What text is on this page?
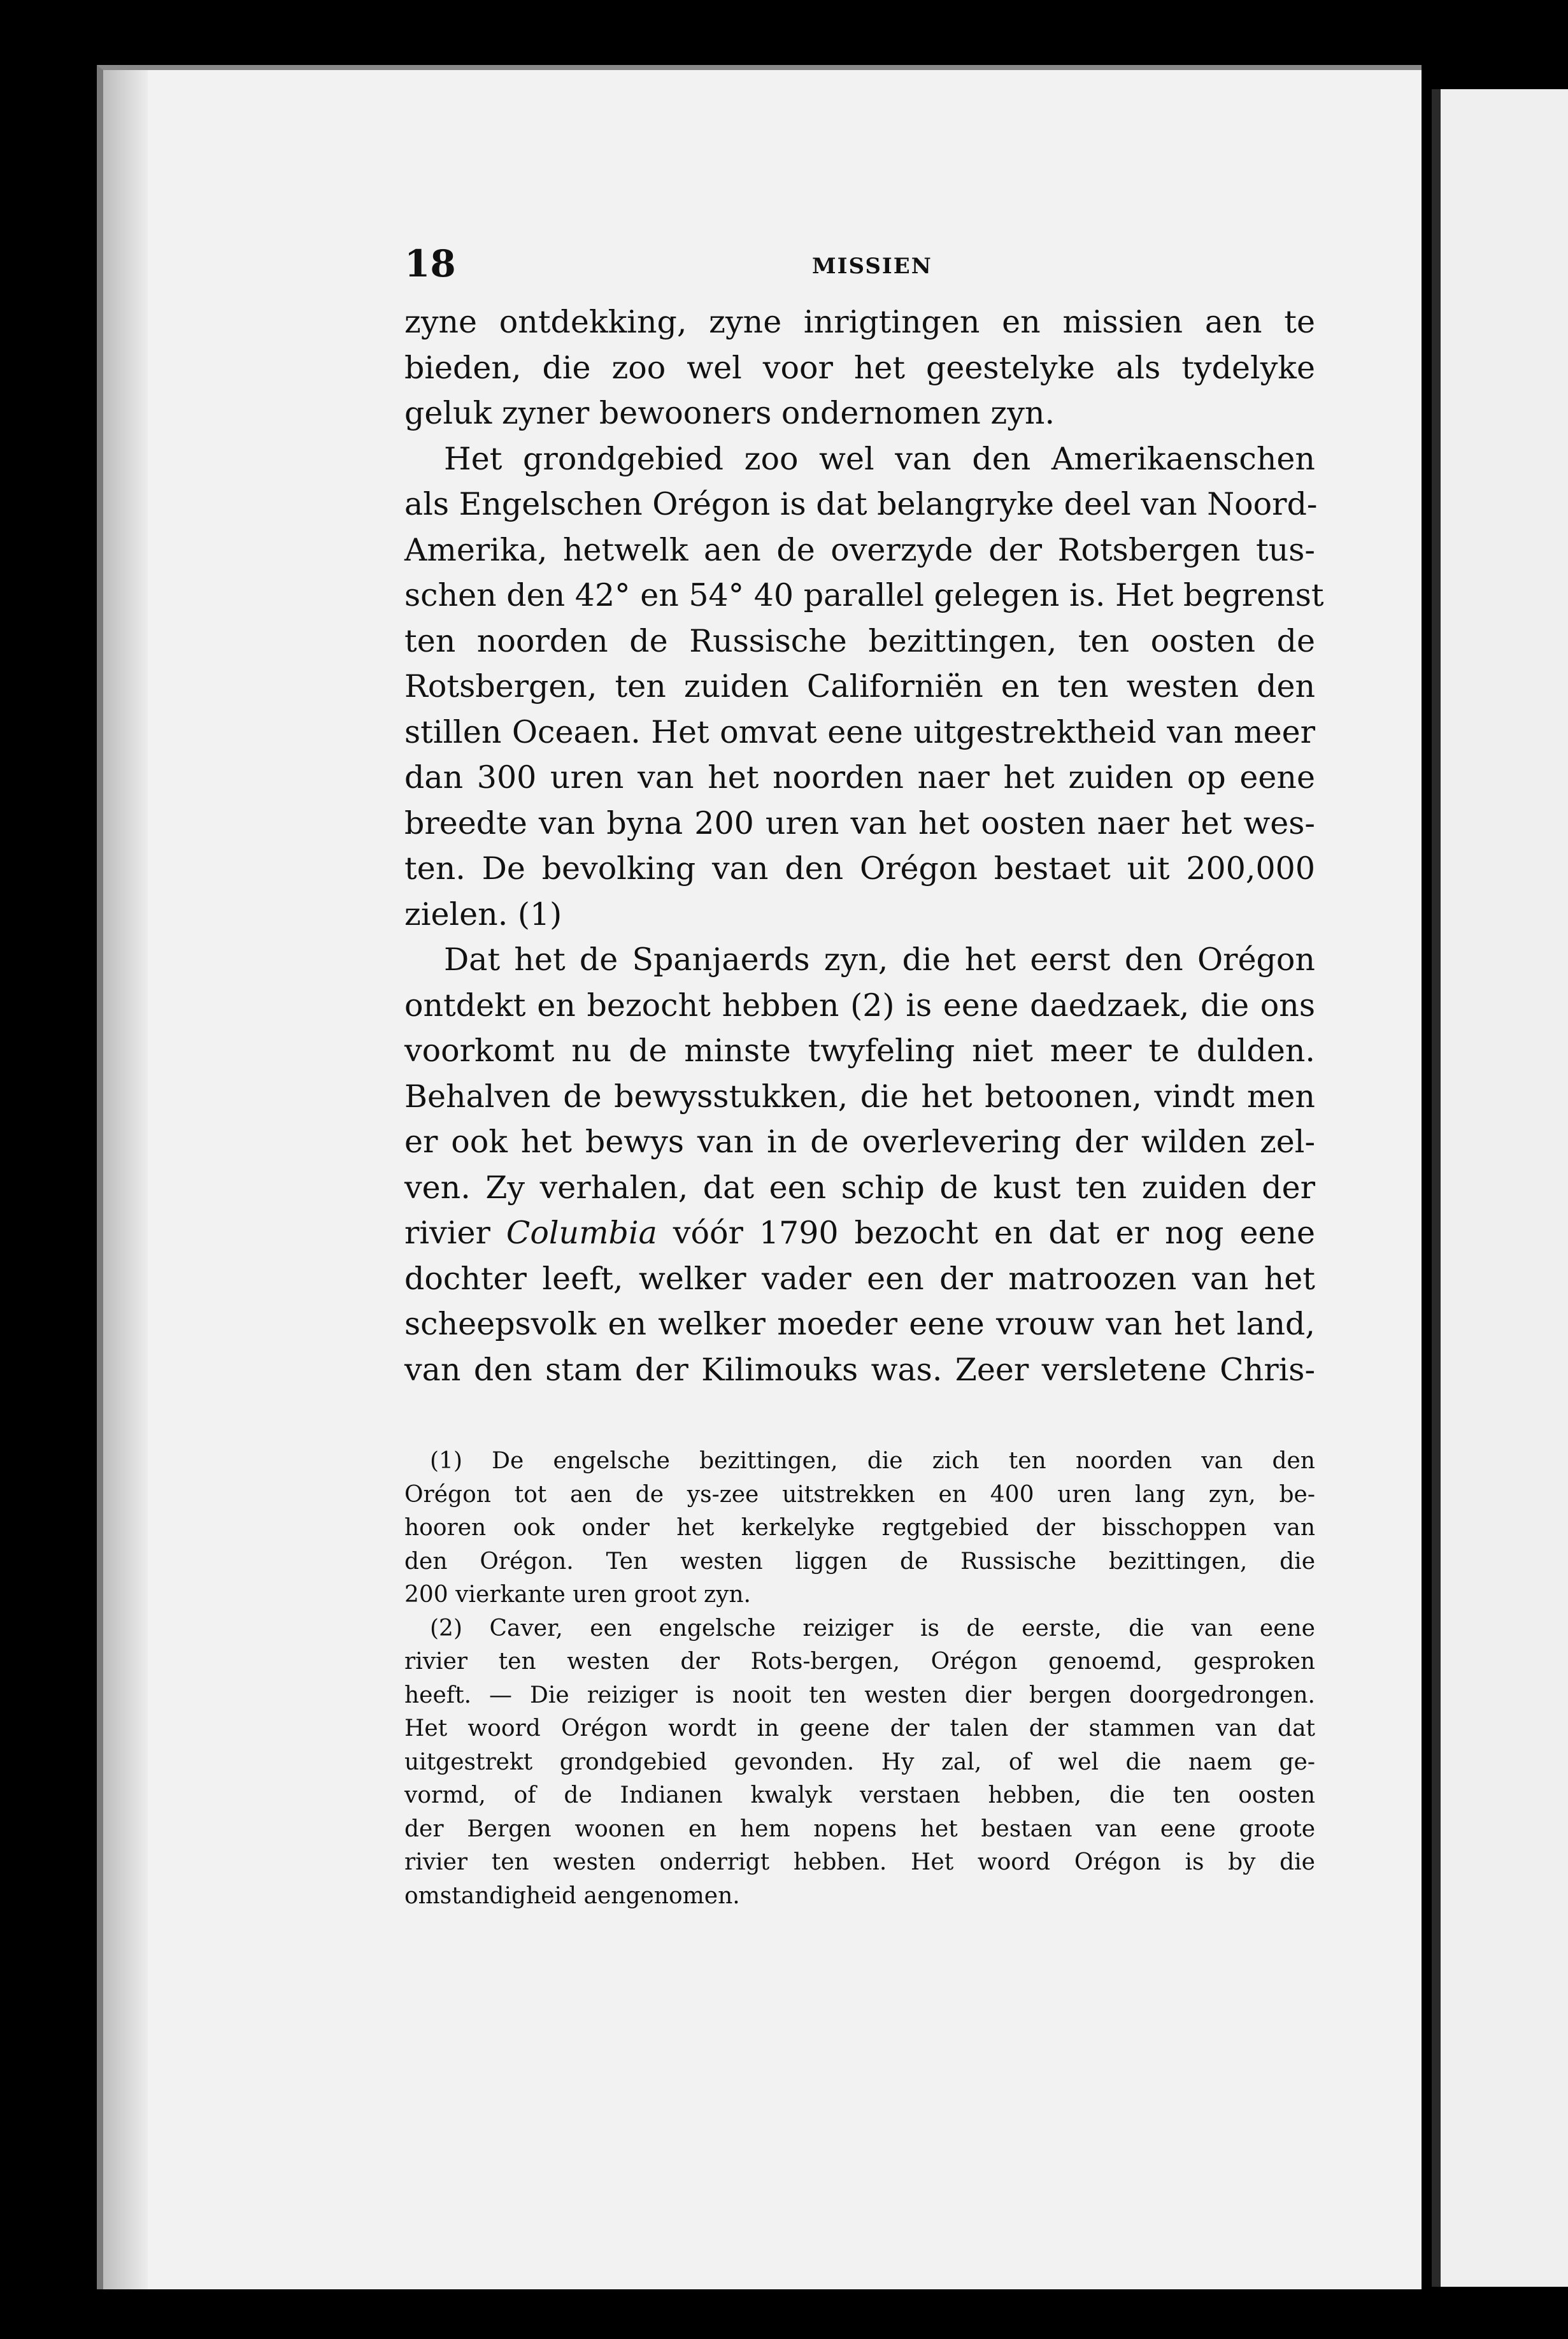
18	MISSIEN
zyne ontdekking, zyne inrigtingen en missien aen te
bieden, die zoo wel voor het geestelyke als tydelyke
geluk zyner bewooners ondernomen zyn.
Het grondgebied zoo wel van den Amerikaenschen
als Engelschen Orégon is dat belangryke deel van Noord-
Amerika, hetwelk aen de overzyde der Rotsbergen tus-
schen den 42° en 54° 40 parallel gelegen is. Het begrenst
ten noorden de Russische bezittingen, ten oosten de
Rotsbergen, ten zuiden Californiën en ten westen den
stillen Oceaen. Het omvat eene uitgestrektheid van meer
dan 300 uren van het noorden naer het zuiden op eene
breedte van byna 200 uren van het oosten naer het wes-
ten. De bevolking van den Orégon bestaet uit 200,000
zielen. (1)
Dat het de Spanjaerds zyn, die het eerst den Orégon
ontdekt en bezocht hebben (2) is eene daedzaek, die ons
voorkomt nu de minste twyfeling niet meer te dulden.
Behalven de bewysstukken, die het betoonen, vindt men
er ook het bewys van in de overlevering der wilden zel-
ven. Zy verhalen, dat een schip de kust ten zuiden der
rivier Columbia vóór 1790 bezocht en dat er nog eene
dochter leeft, welker vader een der matroozen van het
scheepsvolk en welker moeder eene vrouw van het land,
van den stam der Kilimouks was. Zeer versletene Chris-
(1) De engelsche bezittingen, die zich ten noorden van den
Orégon tot aen de ys-zee uitstrekken en 400 uren lang zyn, be-
hooren ook onder het kerkelyke regtgebied der bisschoppen van
den Orégon. Ten westen liggen de Russische bezittingen, die
200 vierkante uren groot zyn.
(2) Caver, een engelsche reiziger is de eerste, die van eene
rivier ten westen der Rots-bergen, Orégon genoemd, gesproken
heeft. — Die reiziger is nooit ten westen dier bergen doorgedrongen.
Het woord Orégon wordt in geene der talen der stammen van dat
uitgestrekt grondgebied gevonden. Hy zal, of wel die naem ge-
vormd, of de Indianen kwalyk verstaen hebben, die ten oosten
der Bergen woonen en hem nopens het bestaen van eene groote
rivier ten westen onderrigt hebben. Het woord Orégon is by die
omstandigheid aengenomen.
